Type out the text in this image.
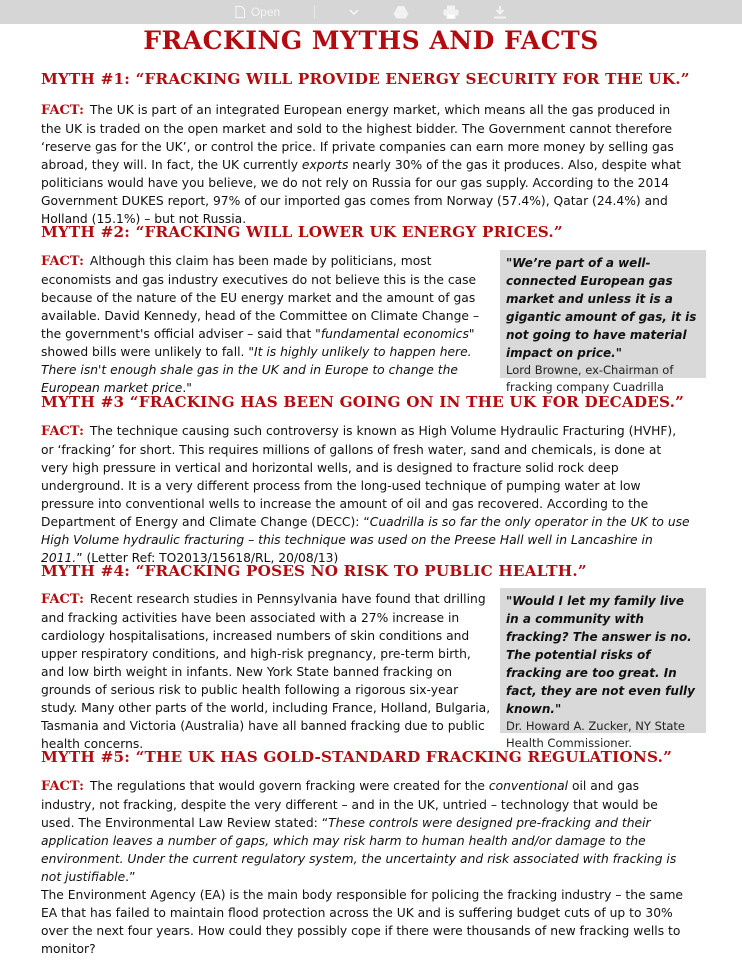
Open
FRACKING MYTHS AND FACTS
MYTH #1: “FRACKING WILL PROVIDE ENERGY SECURITY FOR THE UK.”
FACT: The UK is part of an integrated European energy market, which means all the gas produced in the UK is traded on the open market and sold to the highest bidder. The Government cannot therefore ‘reserve gas for the UK’, or control the price. If private companies can earn more money by selling gas abroad, they will. In fact, the UK currently exports nearly 30% of the gas it produces. Also, despite what politicians would have you believe, we do not rely on Russia for our gas supply. According to the 2014 Government DUKES report, 97% of our imported gas comes from Norway (57.4%), Qatar (24.4%) and Holland (15.1%) – but not Russia.
MYTH #2: “FRACKING WILL LOWER UK ENERGY PRICES.”
FACT: Although this claim has been made by politicians, most economists and gas industry executives do not believe this is the case because of the nature of the EU energy market and the amount of gas available. David Kennedy, head of the Committee on Climate Change – the government's official adviser – said that "fundamental economics" showed bills were unlikely to fall. "It is highly unlikely to happen here. There isn't enough shale gas in the UK and in Europe to change the European market price."
"We’re part of a well-connected European gas market and unless it is a gigantic amount of gas, it is not going to have material impact on price."
Lord Browne, ex-Chairman of fracking company Cuadrilla
MYTH #3 “FRACKING HAS BEEN GOING ON IN THE UK FOR DECADES.”
FACT: The technique causing such controversy is known as High Volume Hydraulic Fracturing (HVHF), or ‘fracking’ for short. This requires millions of gallons of fresh water, sand and chemicals, is done at very high pressure in vertical and horizontal wells, and is designed to fracture solid rock deep underground. It is a very different process from the long-used technique of pumping water at low pressure into conventional wells to increase the amount of oil and gas recovered. According to the Department of Energy and Climate Change (DECC): “Cuadrilla is so far the only operator in the UK to use High Volume hydraulic fracturing – this technique was used on the Preese Hall well in Lancashire in 2011.” (Letter Ref: TO2013/15618/RL, 20/08/13)
MYTH #4: “FRACKING POSES NO RISK TO PUBLIC HEALTH.”
FACT: Recent research studies in Pennsylvania have found that drilling and fracking activities have been associated with a 27% increase in cardiology hospitalisations, increased numbers of skin conditions and upper respiratory conditions, and high-risk pregnancy, pre-term birth, and low birth weight in infants. New York State banned fracking on grounds of serious risk to public health following a rigorous six-year study. Many other parts of the world, including France, Holland, Bulgaria, Tasmania and Victoria (Australia) have all banned fracking due to public health concerns.
"Would I let my family live in a community with fracking? The answer is no. The potential risks of fracking are too great. In fact, they are not even fully known."
Dr. Howard A. Zucker, NY State Health Commissioner.
MYTH #5: “THE UK HAS GOLD-STANDARD FRACKING REGULATIONS.”
FACT: The regulations that would govern fracking were created for the conventional oil and gas industry, not fracking, despite the very different – and in the UK, untried – technology that would be used. The Environmental Law Review stated: “These controls were designed pre-fracking and their application leaves a number of gaps, which may risk harm to human health and/or damage to the environment. Under the current regulatory system, the uncertainty and risk associated with fracking is not justifiable.”
The Environment Agency (EA) is the main body responsible for policing the fracking industry – the same EA that has failed to maintain flood protection across the UK and is suffering budget cuts of up to 30% over the next four years. How could they possibly cope if there were thousands of new fracking wells to monitor?
